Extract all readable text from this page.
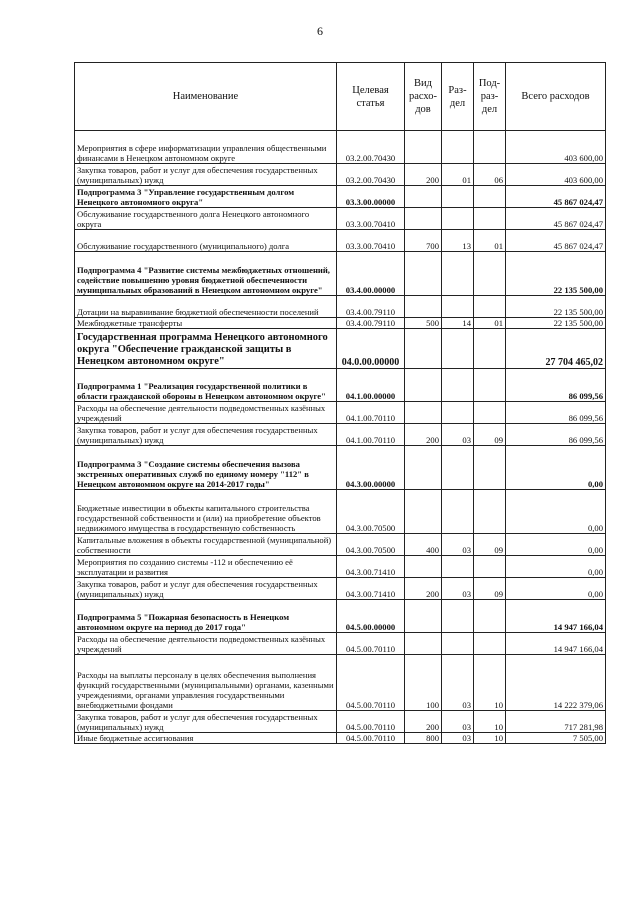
6
Наименование	Целевая статья	Вид расхо-дов	Раз-дел	Под-раз-дел	Всего расходов
Мероприятия в сфере информатизации управления общественными финансами в Ненецком автономном округе	03.2.00.70430				403 600,00
Закупка товаров, работ и услуг для обеспечения государственных (муниципальных) нужд	03.2.00.70430	200	01	06	403 600,00
Подпрограмма 3 "Управление государственным долгом Ненецкого автономного округа"	03.3.00.00000				45 867 024,47
Обслуживание государственного долга Ненецкого автономного округа	03.3.00.70410				45 867 024,47
Обслуживание государственного (муниципального) долга	03.3.00.70410	700	13	01	45 867 024,47
Подпрограмма 4 "Развитие системы межбюджетных отношений, содействие повышению уровня бюджетной обеспеченности муниципальных образований в Ненецком автономном округе"	03.4.00.00000				22 135 500,00
Дотации на выравнивание бюджетной обеспеченности поселений	03.4.00.79110				22 135 500,00
Межбюджетные трансферты	03.4.00.79110	500	14	01	22 135 500,00
Государственная программа Ненецкого автономного округа "Обеспечение гражданской защиты в Ненецком автономном округе"	04.0.00.00000				27 704 465,02
Подпрограмма 1 "Реализация государственной политики в области гражданской обороны в Ненецком автономном округе"	04.1.00.00000				86 099,56
Расходы на обеспечение деятельности подведомственных казённых учреждений	04.1.00.70110				86 099,56
Закупка товаров, работ и услуг для обеспечения государственных (муниципальных) нужд	04.1.00.70110	200	03	09	86 099,56
Подпрограмма 3 "Создание системы обеспечения вызова экстренных оперативных служб по единому номеру "112" в Ненецком автономном округе на 2014-2017 годы"	04.3.00.00000				0,00
Бюджетные инвестиции в объекты капитального строительства государственной собственности и (или) на приобретение объектов недвижимого имущества в государственную собственность	04.3.00.70500				0,00
Капитальные вложения в объекты государственной (муниципальной) собственности	04.3.00.70500	400	03	09	0,00
Мероприятия по созданию системы -112 и обеспечению её эксплуатации и развития	04.3.00.71410				0,00
Закупка товаров, работ и услуг для обеспечения государственных (муниципальных) нужд	04.3.00.71410	200	03	09	0,00
Подпрограмма 5 "Пожарная безопасность в Ненецком автономном округе на период до 2017 года"	04.5.00.00000				14 947 166,04
Расходы на обеспечение деятельности подведомственных казённых учреждений	04.5.00.70110				14 947 166,04
Расходы на выплаты персоналу в целях обеспечения выполнения функций государственными (муниципальными) органами, казенными учреждениями, органами управления государственными внебюджетными фондами	04.5.00.70110	100	03	10	14 222 379,06
Закупка товаров, работ и услуг для обеспечения государственных (муниципальных) нужд	04.5.00.70110	200	03	10	717 281,98
Иные бюджетные ассигнования	04.5.00.70110	800	03	10	7 505,00
